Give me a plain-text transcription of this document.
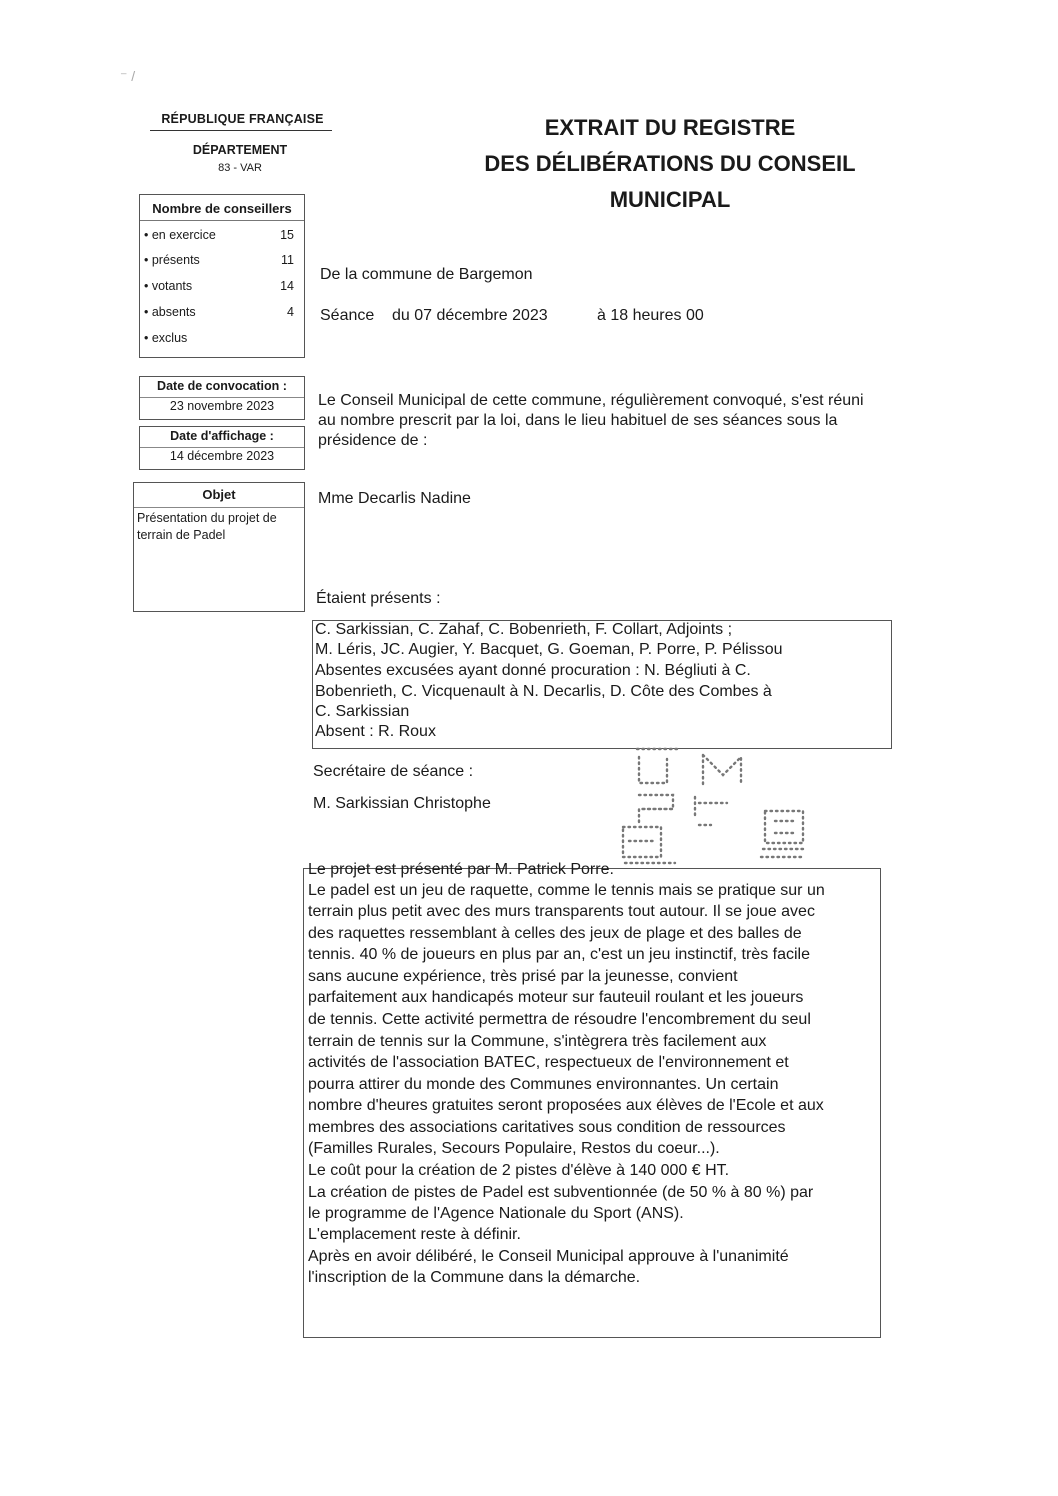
⁻ /
RÉPUBLIQUE FRANÇAISE
DÉPARTEMENT
83 - VAR
EXTRAIT DU REGISTRE
DES DÉLIBÉRATIONS DU CONSEIL
MUNICIPAL
Nombre de conseillers
• en exercice	15
• présents	11
• votants	14
• absents	4
• exclus
Date de convocation :
23 novembre 2023
Date d'affichage :
14 décembre 2023
Objet
Présentation du projet de
terrain de Padel
De la commune de Bargemon
Séance du 07 décembre 2023	à 18 heures 00
Le Conseil Municipal de cette commune, régulièrement convoqué, s'est réuni au nombre prescrit par la loi, dans le lieu habituel de ses séances sous la présidence de :
Mme Decarlis Nadine
Étaient présents :
C. Sarkissian, C. Zahaf, C. Bobenrieth, F. Collart, Adjoints ;
M. Léris, JC. Augier, Y. Bacquet, G. Goeman, P. Porre, P. Pélissou
Absentes excusées ayant donné procuration : N. Bégliuti à C.
Bobenrieth, C. Vicquenault à N. Decarlis, D. Côte des Combes à
C. Sarkissian
Absent : R. Roux
Secrétaire de séance :
M. Sarkissian Christophe
Le projet est présenté par M. Patrick Porre.
Le padel est un jeu de raquette, comme le tennis mais se pratique sur un
terrain plus petit avec des murs transparents tout autour. Il se joue avec
des raquettes ressemblant à celles des jeux de plage et des balles de
tennis. 40 % de joueurs en plus par an, c'est un jeu instinctif, très facile
sans aucune expérience, très prisé par la jeunesse, convient
parfaitement aux handicapés moteur sur fauteuil roulant et les joueurs
de tennis. Cette activité permettra de résoudre l'encombrement du seul
terrain de tennis sur la Commune, s'intègrera très facilement aux
activités de l'association BATEC, respectueux de l'environnement et
pourra attirer du monde des Communes environnantes. Un certain
nombre d'heures gratuites seront proposées aux élèves de l'Ecole et aux
membres des associations caritatives sous condition de ressources
(Familles Rurales, Secours Populaire, Restos du coeur...).
Le coût pour la création de 2 pistes d'élève à 140 000 € HT.
La création de pistes de Padel est subventionnée (de 50 % à 80 %) par
le programme de l'Agence Nationale du Sport (ANS).
L'emplacement reste à définir.
Après en avoir délibéré, le Conseil Municipal approuve à l'unanimité
l'inscription de la Commune dans la démarche.
